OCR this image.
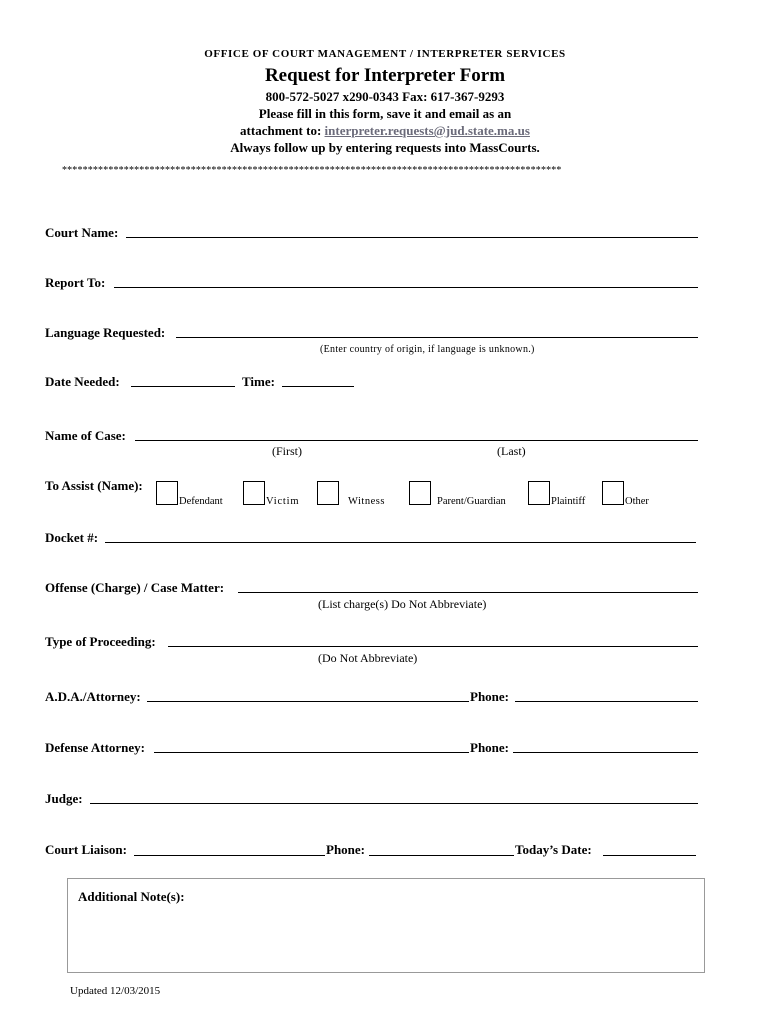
OFFICE OF COURT MANAGEMENT / INTERPRETER SERVICES
Request for Interpreter Form
800-572-5027 x290-0343 Fax: 617-367-9293
Please fill in this form, save it and email as an
attachment to: interpreter.requests@jud.state.ma.us
Always follow up by entering requests into MassCourts.
*************************************************************************************************
Court Name:
Report To:
Language Requested:
(Enter country of origin, if language is unknown.)
Date Needed:	Time:
Name of Case:
(First)	(Last)
To Assist (Name):
Defendant	Victim	Witness	Parent/Guardian	Plaintiff	Other
Docket #:
Offense (Charge) / Case Matter:
(List charge(s) Do Not Abbreviate)
Type of Proceeding:
(Do Not Abbreviate)
A.D.A./Attorney:	Phone:
Defense Attorney:	Phone:
Judge:
Court Liaison:	Phone:	Today’s Date:
Additional Note(s):
Updated 12/03/2015
